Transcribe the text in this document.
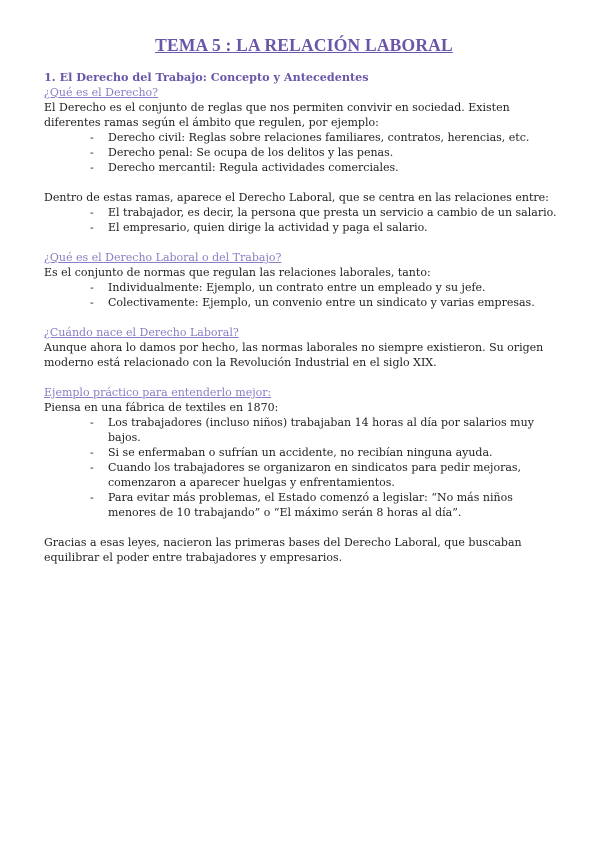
TEMA 5 : LA RELACIÓN LABORAL
1. El Derecho del Trabajo: Concepto y Antecedentes
¿Qué es el Derecho?

El Derecho es el conjunto de reglas que nos permiten convivir en sociedad. Existen diferentes ramas según el ámbito que regulen, por ejemplo:

- Derecho civil: Reglas sobre relaciones familiares, contratos, herencias, etc.
- Derecho penal: Se ocupa de los delitos y las penas.
- Derecho mercantil: Regula actividades comerciales.

Dentro de estas ramas, aparece el Derecho Laboral, que se centra en las relaciones entre:

- El trabajador, es decir, la persona que presta un servicio a cambio de un salario.
- El empresario, quien dirige la actividad y paga el salario.
¿Qué es el Derecho Laboral o del Trabajo?

Es el conjunto de normas que regulan las relaciones laborales, tanto:

- Individualmente: Ejemplo, un contrato entre un empleado y su jefe.
- Colectivamente: Ejemplo, un convenio entre un sindicato y varias empresas.
¿Cuándo nace el Derecho Laboral?

Aunque ahora lo damos por hecho, las normas laborales no siempre existieron. Su origen moderno está relacionado con la Revolución Industrial en el siglo XIX.

Ejemplo práctico para entenderlo mejor:

Piensa en una fábrica de textiles en 1870:

- Los trabajadores (incluso niños) trabajaban 14 horas al día por salarios muy bajos.
- Si se enfermaban o sufrían un accidente, no recibían ninguna ayuda.
- Cuando los trabajadores se organizaron en sindicatos para pedir mejoras, comenzaron a aparecer huelgas y enfrentamientos.
- Para evitar más problemas, el Estado comenzó a legislar: “No más niños menores de 10 trabajando” o “El máximo serán 8 horas al día”.

Gracias a esas leyes, nacieron las primeras bases del Derecho Laboral, que buscaban equilibrar el poder entre trabajadores y empresarios.
